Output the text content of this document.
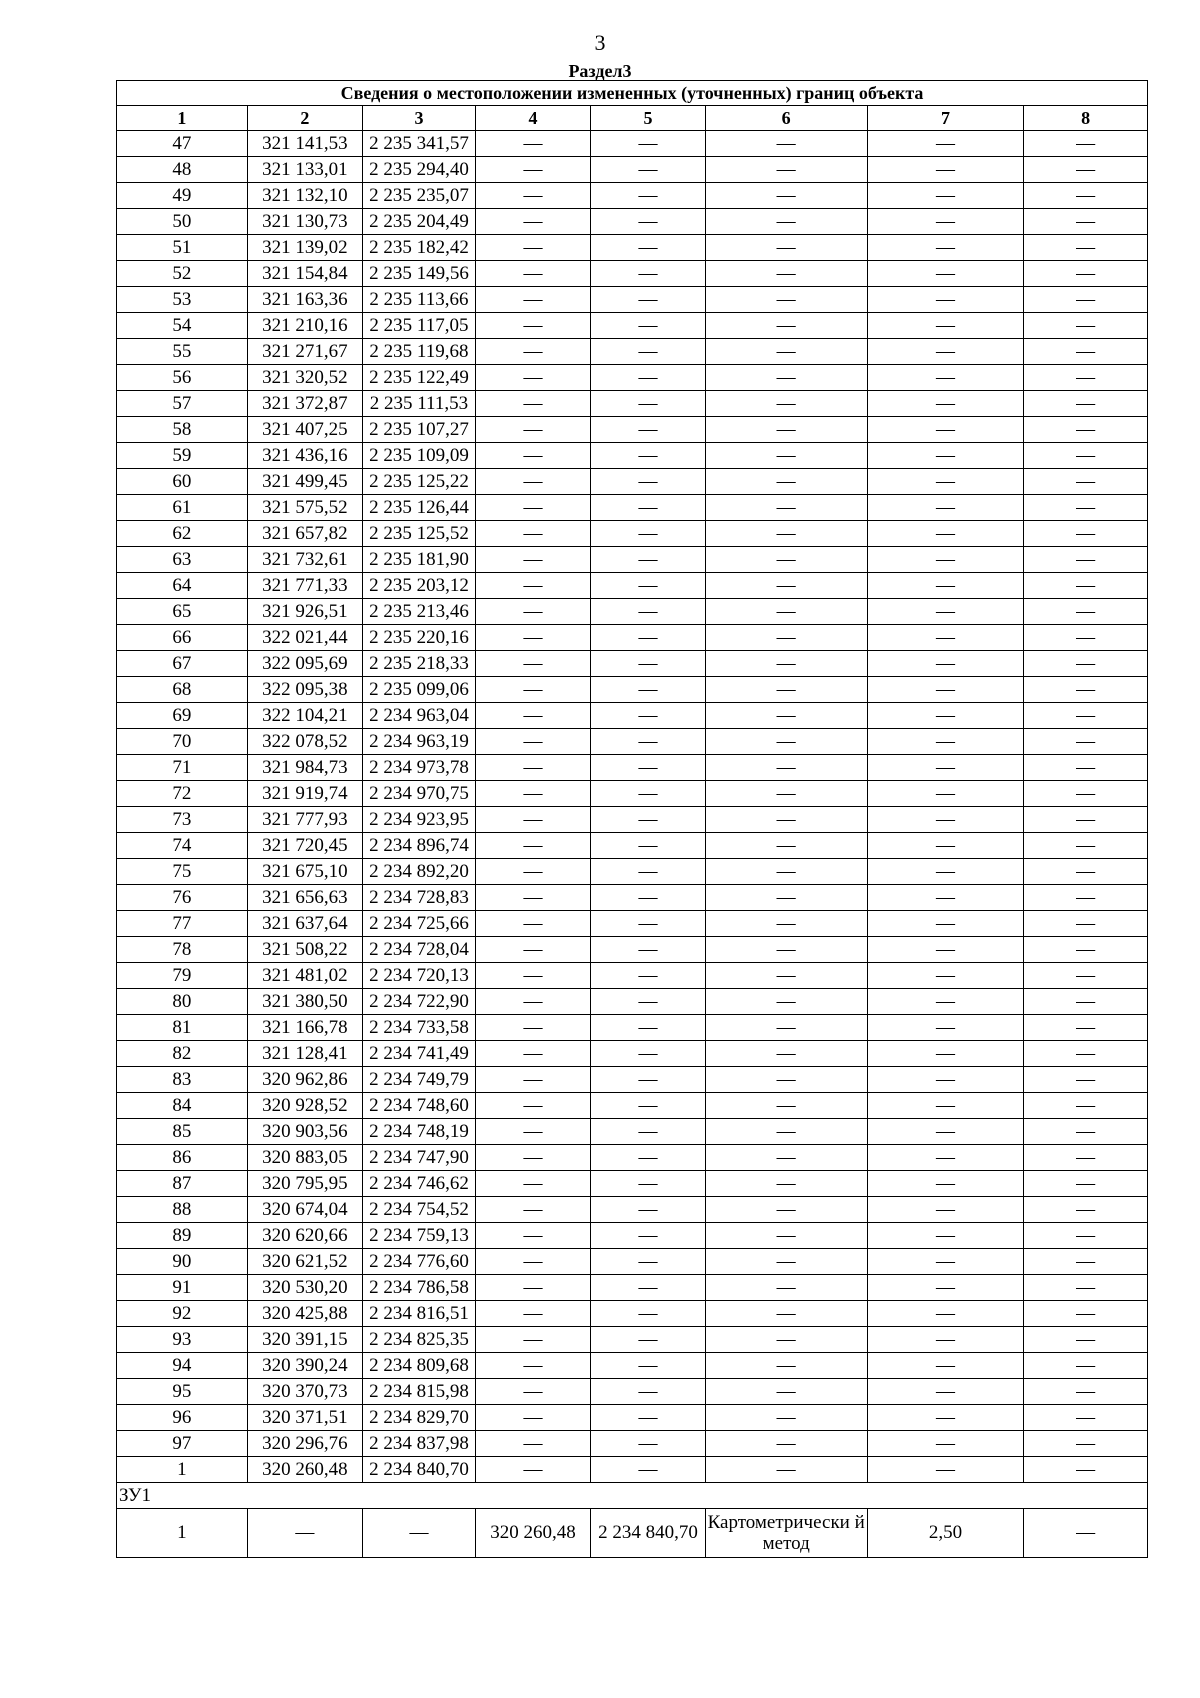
3
Раздел3
Сведения о местоположении измененных (уточненных) границ объекта							
1	2	3	4	5	6	7	8
47	321 141,53	2 235 341,57	—	—	—	—	—
48	321 133,01	2 235 294,40	—	—	—	—	—
49	321 132,10	2 235 235,07	—	—	—	—	—
50	321 130,73	2 235 204,49	—	—	—	—	—
51	321 139,02	2 235 182,42	—	—	—	—	—
52	321 154,84	2 235 149,56	—	—	—	—	—
53	321 163,36	2 235 113,66	—	—	—	—	—
54	321 210,16	2 235 117,05	—	—	—	—	—
55	321 271,67	2 235 119,68	—	—	—	—	—
56	321 320,52	2 235 122,49	—	—	—	—	—
57	321 372,87	2 235 111,53	—	—	—	—	—
58	321 407,25	2 235 107,27	—	—	—	—	—
59	321 436,16	2 235 109,09	—	—	—	—	—
60	321 499,45	2 235 125,22	—	—	—	—	—
61	321 575,52	2 235 126,44	—	—	—	—	—
62	321 657,82	2 235 125,52	—	—	—	—	—
63	321 732,61	2 235 181,90	—	—	—	—	—
64	321 771,33	2 235 203,12	—	—	—	—	—
65	321 926,51	2 235 213,46	—	—	—	—	—
66	322 021,44	2 235 220,16	—	—	—	—	—
67	322 095,69	2 235 218,33	—	—	—	—	—
68	322 095,38	2 235 099,06	—	—	—	—	—
69	322 104,21	2 234 963,04	—	—	—	—	—
70	322 078,52	2 234 963,19	—	—	—	—	—
71	321 984,73	2 234 973,78	—	—	—	—	—
72	321 919,74	2 234 970,75	—	—	—	—	—
73	321 777,93	2 234 923,95	—	—	—	—	—
74	321 720,45	2 234 896,74	—	—	—	—	—
75	321 675,10	2 234 892,20	—	—	—	—	—
76	321 656,63	2 234 728,83	—	—	—	—	—
77	321 637,64	2 234 725,66	—	—	—	—	—
78	321 508,22	2 234 728,04	—	—	—	—	—
79	321 481,02	2 234 720,13	—	—	—	—	—
80	321 380,50	2 234 722,90	—	—	—	—	—
81	321 166,78	2 234 733,58	—	—	—	—	—
82	321 128,41	2 234 741,49	—	—	—	—	—
83	320 962,86	2 234 749,79	—	—	—	—	—
84	320 928,52	2 234 748,60	—	—	—	—	—
85	320 903,56	2 234 748,19	—	—	—	—	—
86	320 883,05	2 234 747,90	—	—	—	—	—
87	320 795,95	2 234 746,62	—	—	—	—	—
88	320 674,04	2 234 754,52	—	—	—	—	—
89	320 620,66	2 234 759,13	—	—	—	—	—
90	320 621,52	2 234 776,60	—	—	—	—	—
91	320 530,20	2 234 786,58	—	—	—	—	—
92	320 425,88	2 234 816,51	—	—	—	—	—
93	320 391,15	2 234 825,35	—	—	—	—	—
94	320 390,24	2 234 809,68	—	—	—	—	—
95	320 370,73	2 234 815,98	—	—	—	—	—
96	320 371,51	2 234 829,70	—	—	—	—	—
97	320 296,76	2 234 837,98	—	—	—	—	—
1	320 260,48	2 234 840,70	—	—	—	—	—
ЗУ1							
1	—	—	320 260,48	2 234 840,70	Картометрически й метод	2,50	—
